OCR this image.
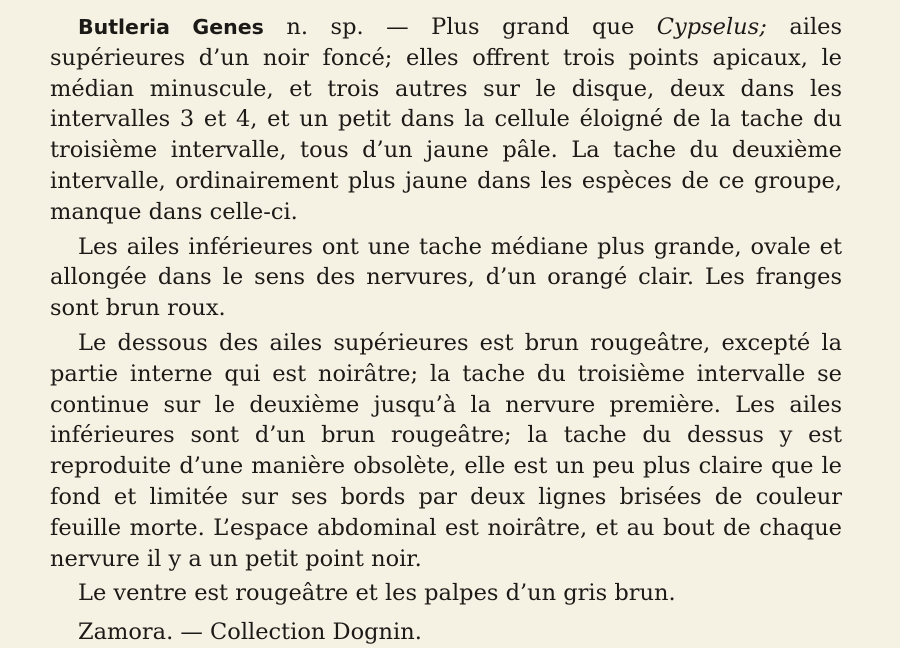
Butleria Genes n. sp. — Plus grand que Cypselus; ailes supérieures d’un noir foncé; elles offrent trois points apicaux, le médian minuscule, et trois autres sur le disque, deux dans les intervalles 3 et 4, et un petit dans la cellule éloigné de la tache du troisième intervalle, tous d’un jaune pâle. La tache du deuxième intervalle, ordinairement plus jaune dans les espèces de ce groupe, manque dans celle-ci.

Les ailes inférieures ont une tache médiane plus grande, ovale et allongée dans le sens des nervures, d’un orangé clair. Les franges sont brun roux.

Le dessous des ailes supérieures est brun rougeâtre, excepté la partie interne qui est noirâtre; la tache du troisième intervalle se continue sur le deuxième jusqu’à la nervure première. Les ailes inférieures sont d’un brun rougeâtre; la tache du dessus y est reproduite d’une manière obsolète, elle est un peu plus claire que le fond et limitée sur ses bords par deux lignes brisées de couleur feuille morte. L’espace abdominal est noirâtre, et au bout de chaque nervure il y a un petit point noir.

Le ventre est rougeâtre et les palpes d’un gris brun.

Zamora. — Collection Dognin.
